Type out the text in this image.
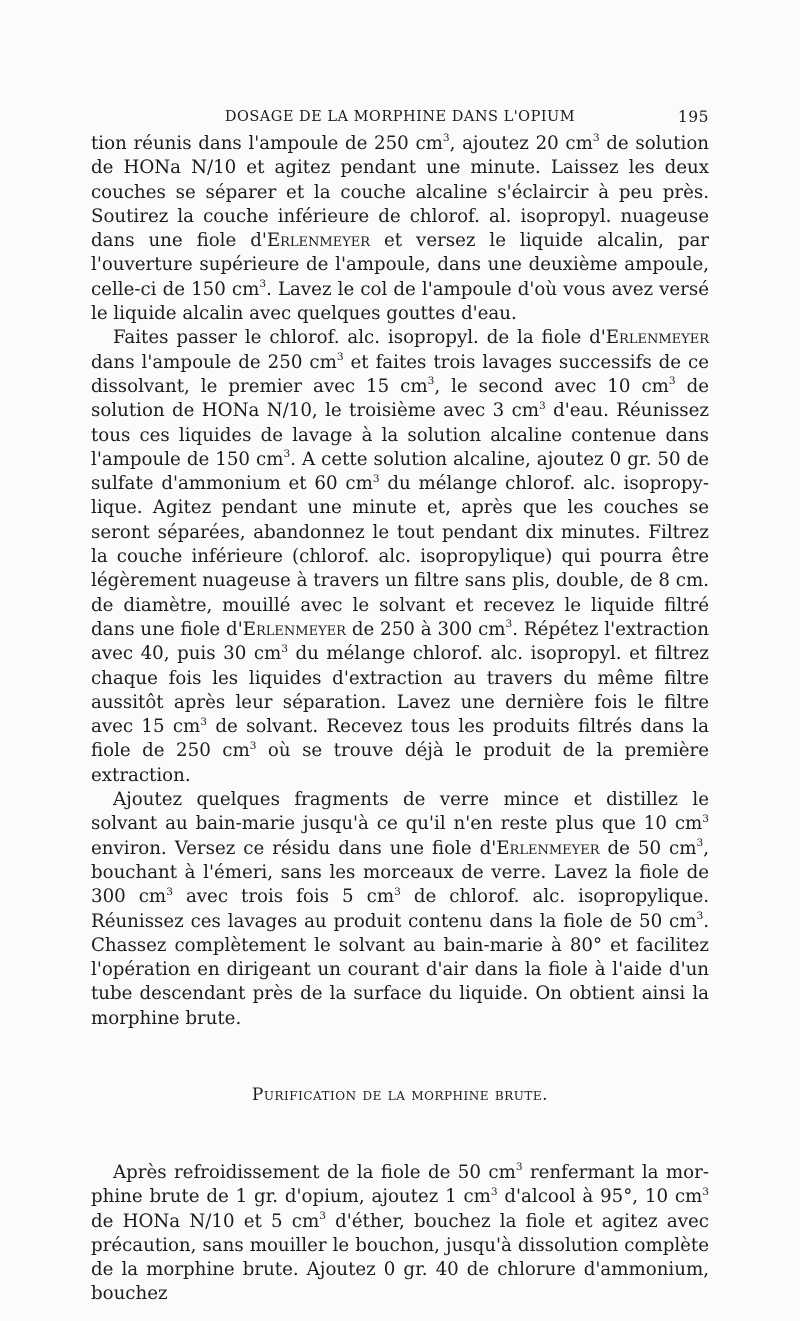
DOSAGE DE LA MORPHINE DANS L'OPIUM	195

tion réunis dans l'ampoule de 250 $cm^3$, ajoutez 20 $cm^3$ de solution de HONa N/10 et agitez pendant une minute. Laissez les deux couches se séparer et la couche alcaline s'éclaircir à peu près. Soutirez la couche inférieure de chlorof. al. isopropyl. nuageuse dans une fiole d'Erlenmeyer et versez le liquide alcalin, par l'ouverture supérieure de l'ampoule, dans une deuxième ampoule, celle-ci de 150 $cm^3$. Lavez le col de l'ampoule d'où vous avez versé le liquide alcalin avec quelques gouttes d'eau.

Faites passer le chlorof. alc. isopropyl. de la fiole d'Erlenmeyer dans l'ampoule de 250 $cm^3$ et faites trois lavages successifs de ce dissolvant, le premier avec 15 $cm^3$, le second avec 10 $cm^3$ de solution de HONa N/10, le troisième avec 3 $cm^3$ d'eau. Réunissez tous ces liquides de lavage à la solution alcaline contenue dans l'ampoule de 150 $cm^3$. A cette solution alcaline, ajoutez 0 gr. 50 de sulfate d'ammonium et 60 $cm^3$ du mélange chlorof. alc. isopropylique. Agitez pendant une minute et, après que les couches se seront séparées, abandonnez le tout pendant dix minutes. Filtrez la couche inférieure (chlorof. alc. isopropylique) qui pourra être légèrement nuageuse à travers un filtre sans plis, double, de 8 cm. de diamètre, mouillé avec le solvant et recevez le liquide filtré dans une fiole d'Erlenmeyer de 250 à 300 $cm^3$. Répétez l'extraction avec 40, puis 30 $cm^3$ du mélange chlorof. alc. isopropyl. et filtrez chaque fois les liquides d'extraction au travers du même filtre aussitôt après leur séparation. Lavez une dernière fois le filtre avec 15 $cm^3$ de solvant. Recevez tous les produits filtrés dans la fiole de 250 $cm^3$ où se trouve déjà le produit de la première extraction.

Ajoutez quelques fragments de verre mince et distillez le solvant au bain-marie jusqu'à ce qu'il n'en reste plus que 10 $cm^3$ environ. Versez ce résidu dans une fiole d'Erlenmeyer de 50 $cm^3$, bouchant à l'émeri, sans les morceaux de verre. Lavez la fiole de 300 $cm^3$ avec trois fois 5 $cm^3$ de chlorof. alc. isopropylique. Réunissez ces lavages au produit contenu dans la fiole de 50 $cm^3$. Chassez complètement le solvant au bain-marie à 80° et facilitez l'opération en dirigeant un courant d'air dans la fiole à l'aide d'un tube descendant près de la surface du liquide. On obtient ainsi la morphine brute.

Purification de la morphine brute.

Après refroidissement de la fiole de 50 $cm^3$ renfermant la morphine brute de 1 gr. d'opium, ajoutez 1 $cm^3$ d'alcool à 95°, 10 $cm^3$ de HONa N/10 et 5 $cm^3$ d'éther, bouchez la fiole et agitez avec précaution, sans mouiller le bouchon, jusqu'à dissolution complète de la morphine brute. Ajoutez 0 gr. 40 de chlorure d'ammonium, bouchez
